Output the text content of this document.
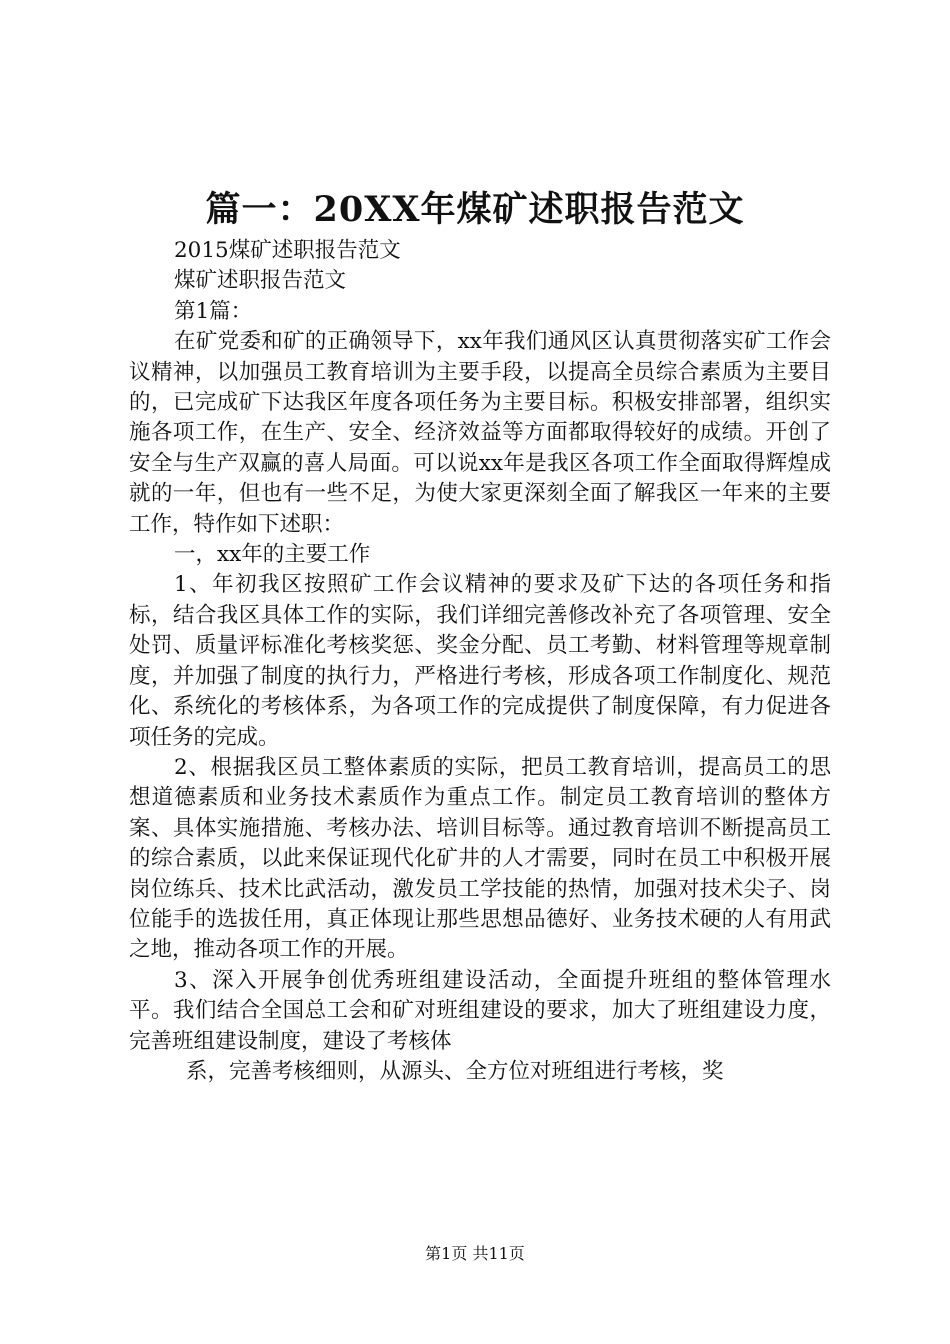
篇一：20XX年煤矿述职报告范文

2015煤矿述职报告范文

煤矿述职报告范文

第1篇：

在矿党委和矿的正确领导下，xx年我们通风区认真贯彻落实矿工作会议精神，以加强员工教育培训为主要手段，以提高全员综合素质为主要目的，已完成矿下达我区年度各项任务为主要目标。积极安排部署，组织实施各项工作，在生产、安全、经济效益等方面都取得较好的成绩。开创了安全与生产双赢的喜人局面。可以说xx年是我区各项工作全面取得辉煌成就的一年，但也有一些不足，为使大家更深刻全面了解我区一年来的主要工作，特作如下述职：

一，xx年的主要工作

1、年初我区按照矿工作会议精神的要求及矿下达的各项任务和指标，结合我区具体工作的实际，我们详细完善修改补充了各项管理、安全处罚、质量评标准化考核奖惩、奖金分配、员工考勤、材料管理等规章制度，并加强了制度的执行力，严格进行考核，形成各项工作制度化、规范化、系统化的考核体系，为各项工作的完成提供了制度保障，有力促进各项任务的完成。

2、根据我区员工整体素质的实际，把员工教育培训，提高员工的思想道德素质和业务技术素质作为重点工作。制定员工教育培训的整体方案、具体实施措施、考核办法、培训目标等。通过教育培训不断提高员工的综合素质，以此来保证现代化矿井的人才需要，同时在员工中积极开展岗位练兵、技术比武活动，激发员工学技能的热情，加强对技术尖子、岗位能手的选拔任用，真正体现让那些思想品德好、业务技术硬的人有用武之地，推动各项工作的开展。

3、深入开展争创优秀班组建设活动，全面提升班组的整体管理水平。我们结合全国总工会和矿对班组建设的要求，加大了班组建设力度，完善班组建设制度，建设了考核体

系，完善考核细则，从源头、全方位对班组进行考核，奖

第1页 共11页
